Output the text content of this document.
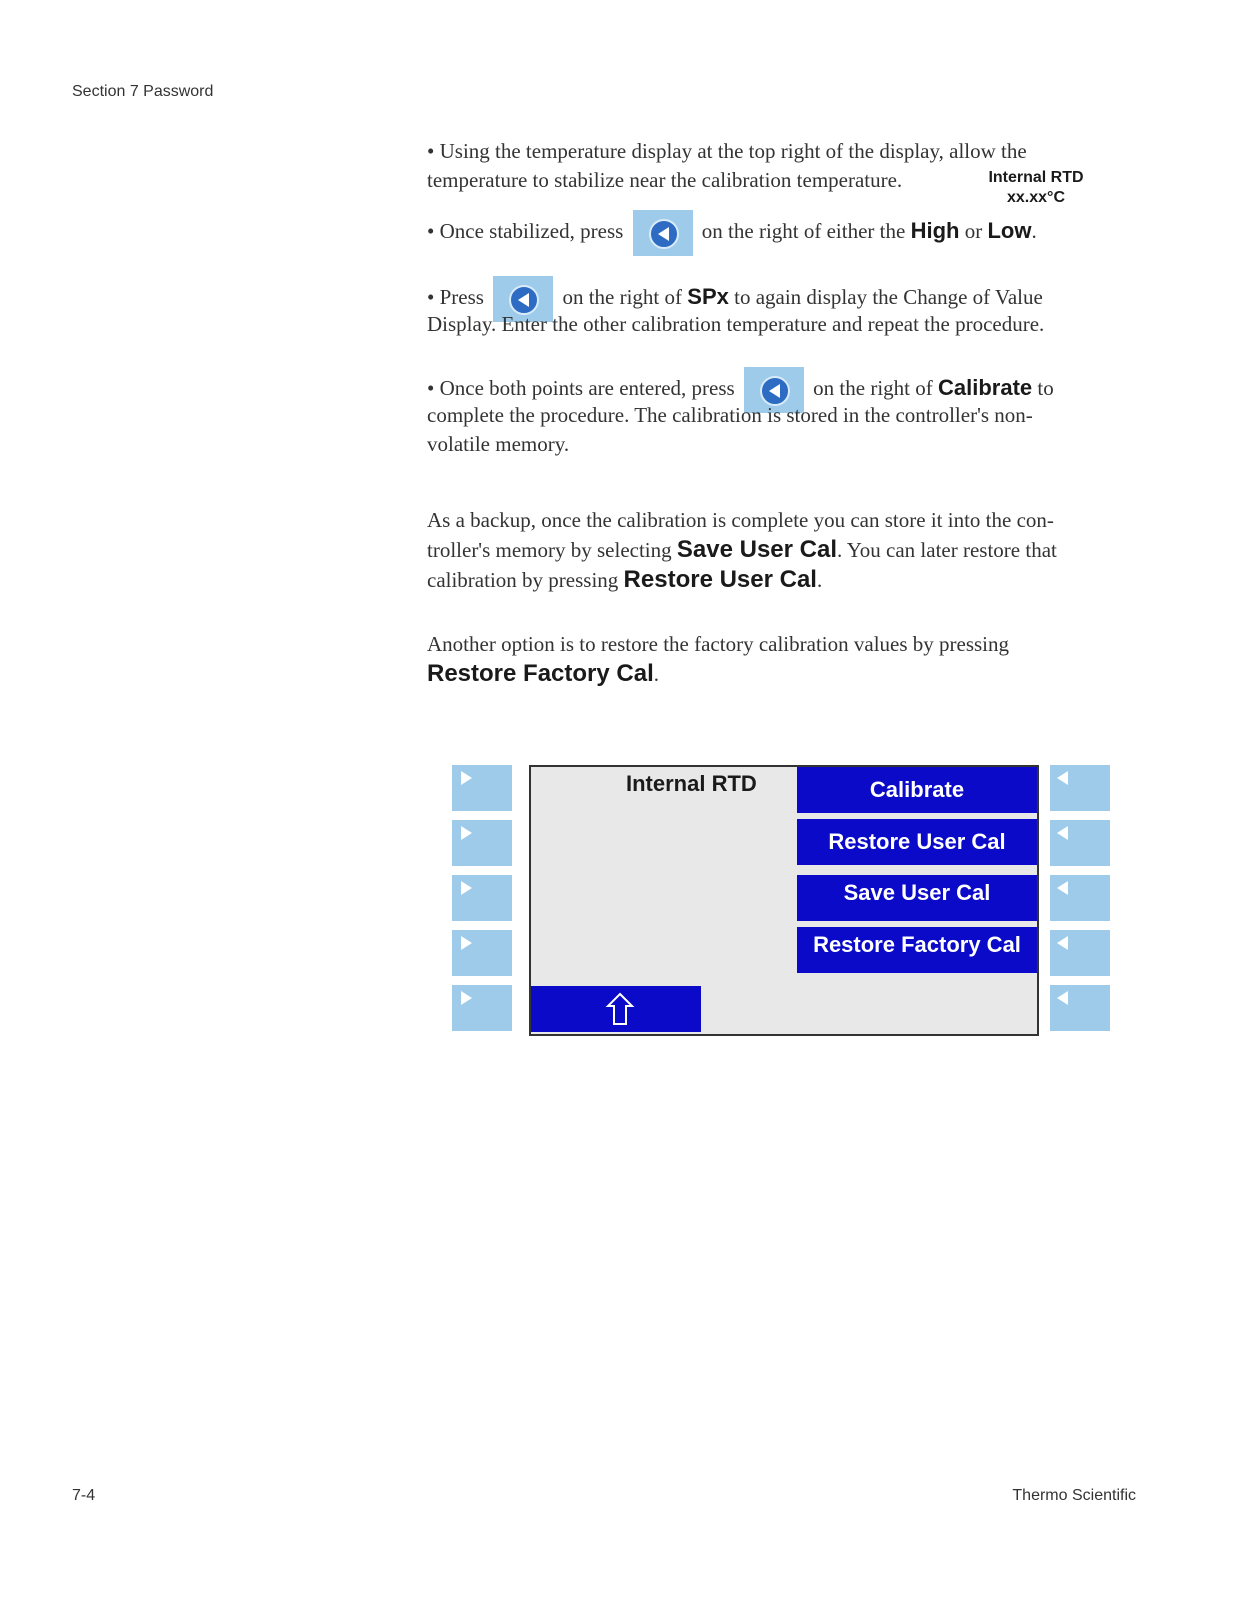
Section 7 Password
7-4	Thermo Scientific

• Using the temperature display at the top right of the display, allow the
temperature to stabilize near the calibration temperature.	Internal RTD
xx.xx°C

• Once stabilized, press	on the right of either the High or Low.

• Press	on the right of SPx to again display the Change of Value
Display. Enter the other calibration temperature and repeat the procedure.

• Once both points are entered, press	on the right of Calibrate to
complete the procedure. The calibration is stored in the controller's non-
volatile memory.

As a backup, once the calibration is complete you can store it into the con-
troller's memory by selecting Save User Cal. You can later restore that
calibration by pressing Restore User Cal.

Another option is to restore the factory calibration values by pressing
Restore Factory Cal.

Internal RTD	Calibrate
Restore User Cal
Save User Cal
Restore Factory Cal
